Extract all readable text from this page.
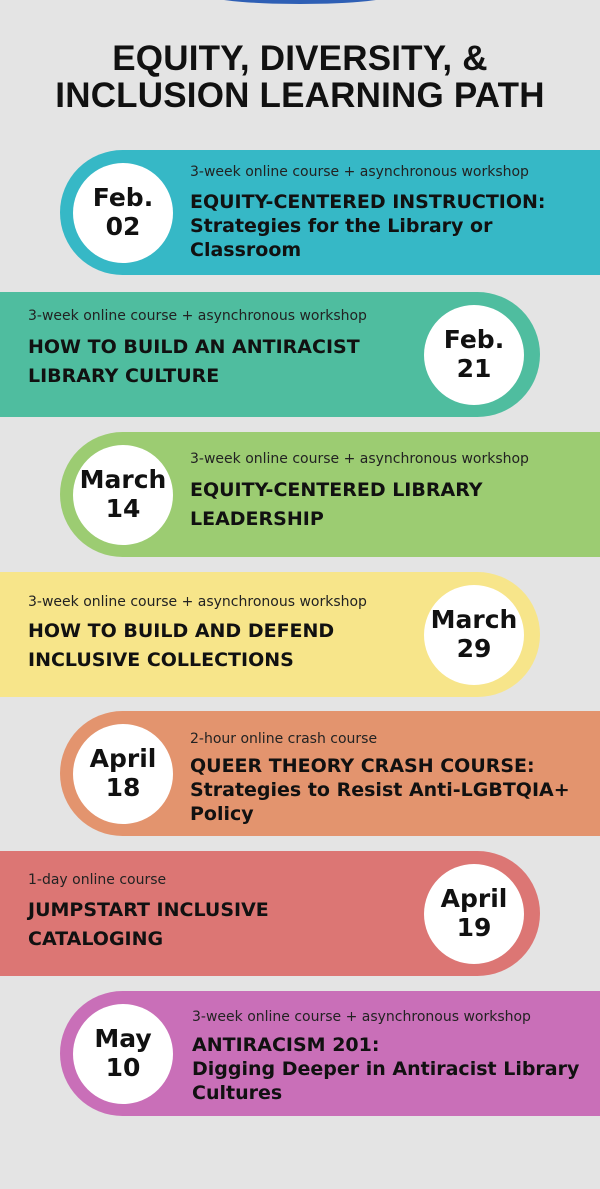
EQUITY, DIVERSITY, &
INCLUSION LEARNING PATH
Feb.
02
3-week online course + asynchronous workshop
EQUITY-CENTERED INSTRUCTION:
Strategies for the Library or Classroom
Feb.
21
3-week online course + asynchronous workshop
HOW TO BUILD AN ANTIRACIST
LIBRARY CULTURE
March
14
3-week online course + asynchronous workshop
EQUITY-CENTERED LIBRARY
LEADERSHIP
March
29
3-week online course + asynchronous workshop
HOW TO BUILD AND DEFEND
INCLUSIVE COLLECTIONS
April
18
2-hour online crash course
QUEER THEORY CRASH COURSE:
Strategies to Resist Anti-LGBTQIA+ Policy
April
19
1-day online course
JUMPSTART INCLUSIVE
CATALOGING
May
10
3-week online course + asynchronous workshop
ANTIRACISM 201:
Digging Deeper in Antiracist Library Cultures
